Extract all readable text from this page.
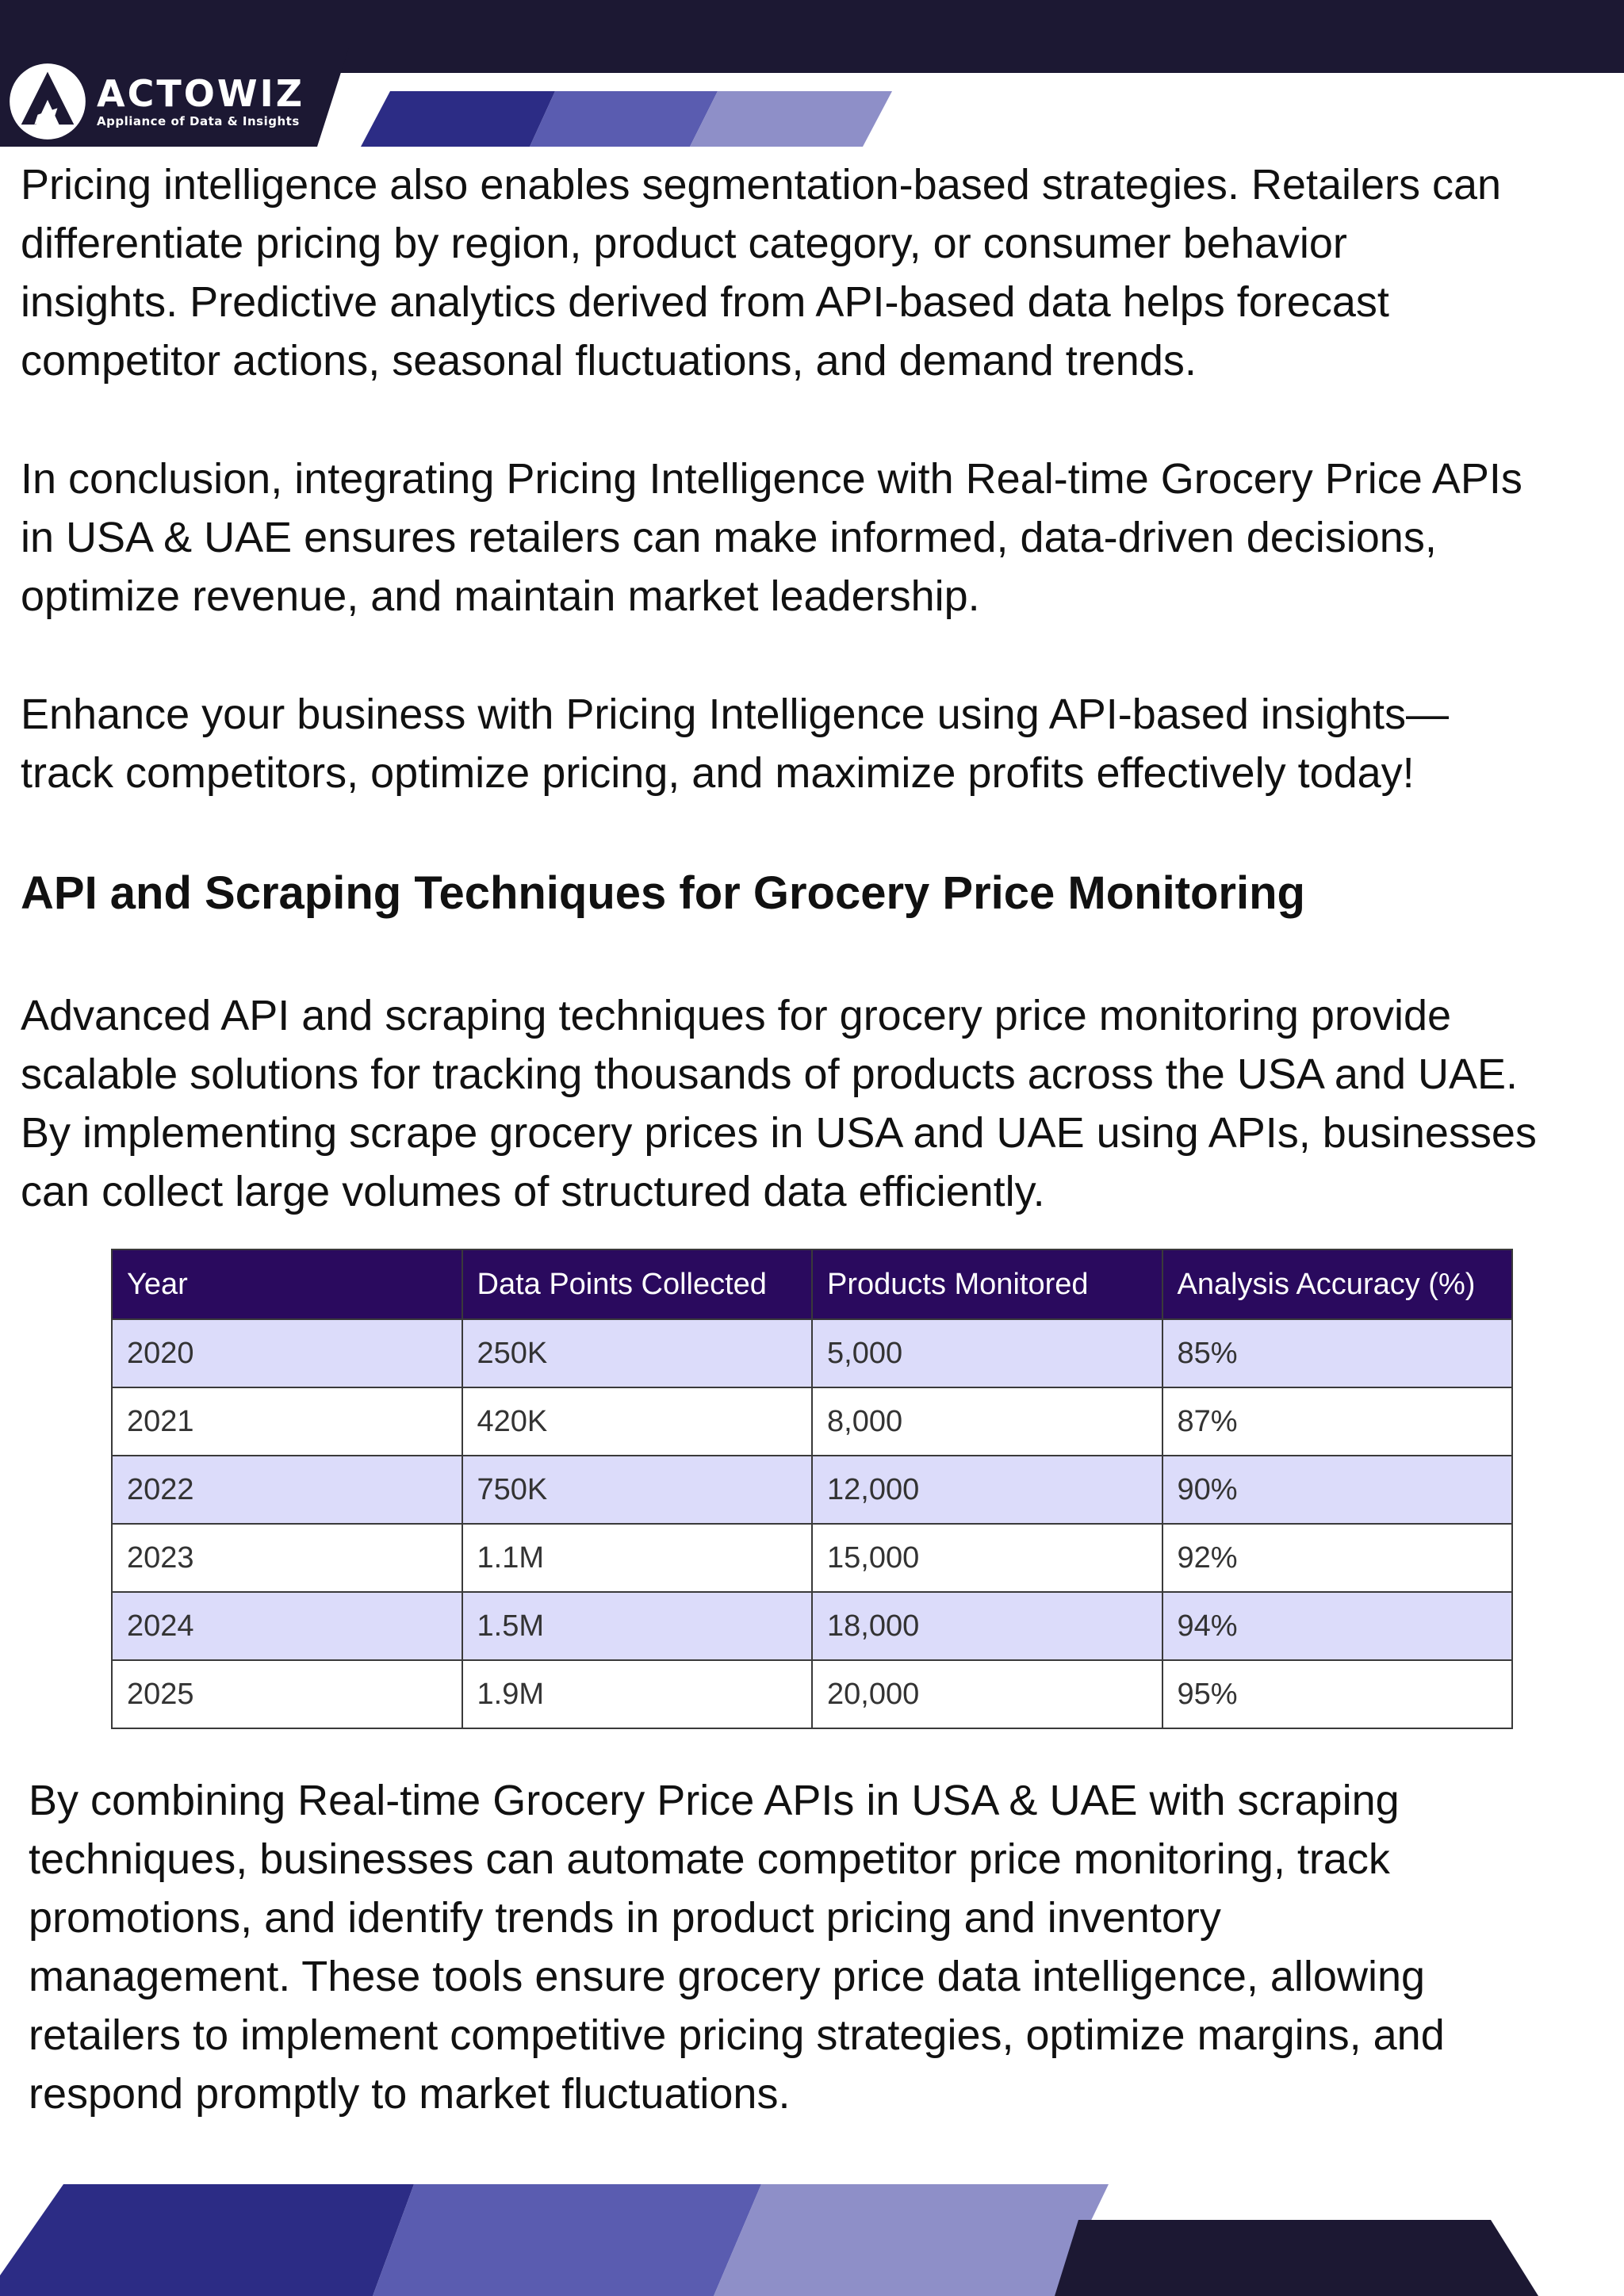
ACTOWIZ
Appliance of Data & Insights

Pricing intelligence also enables segmentation-based strategies. Retailers can
differentiate pricing by region, product category, or consumer behavior
insights. Predictive analytics derived from API-based data helps forecast
competitor actions, seasonal fluctuations, and demand trends.

In conclusion, integrating Pricing Intelligence with Real-time Grocery Price APIs
in USA & UAE ensures retailers can make informed, data-driven decisions,
optimize revenue, and maintain market leadership.

Enhance your business with Pricing Intelligence using API-based insights—
track competitors, optimize pricing, and maximize profits effectively today!

API and Scraping Techniques for Grocery Price Monitoring

Advanced API and scraping techniques for grocery price monitoring provide
scalable solutions for tracking thousands of products across the USA and UAE.
By implementing scrape grocery prices in USA and UAE using APIs, businesses
can collect large volumes of structured data efficiently.

Year	Data Points Collected	Products Monitored	Analysis Accuracy (%)
2020	250K	5,000	85%
2021	420K	8,000	87%
2022	750K	12,000	90%
2023	1.1M	15,000	92%
2024	1.5M	18,000	94%
2025	1.9M	20,000	95%

By combining Real-time Grocery Price APIs in USA & UAE with scraping
techniques, businesses can automate competitor price monitoring, track
promotions, and identify trends in product pricing and inventory
management. These tools ensure grocery price data intelligence, allowing
retailers to implement competitive pricing strategies, optimize margins, and
respond promptly to market fluctuations.
